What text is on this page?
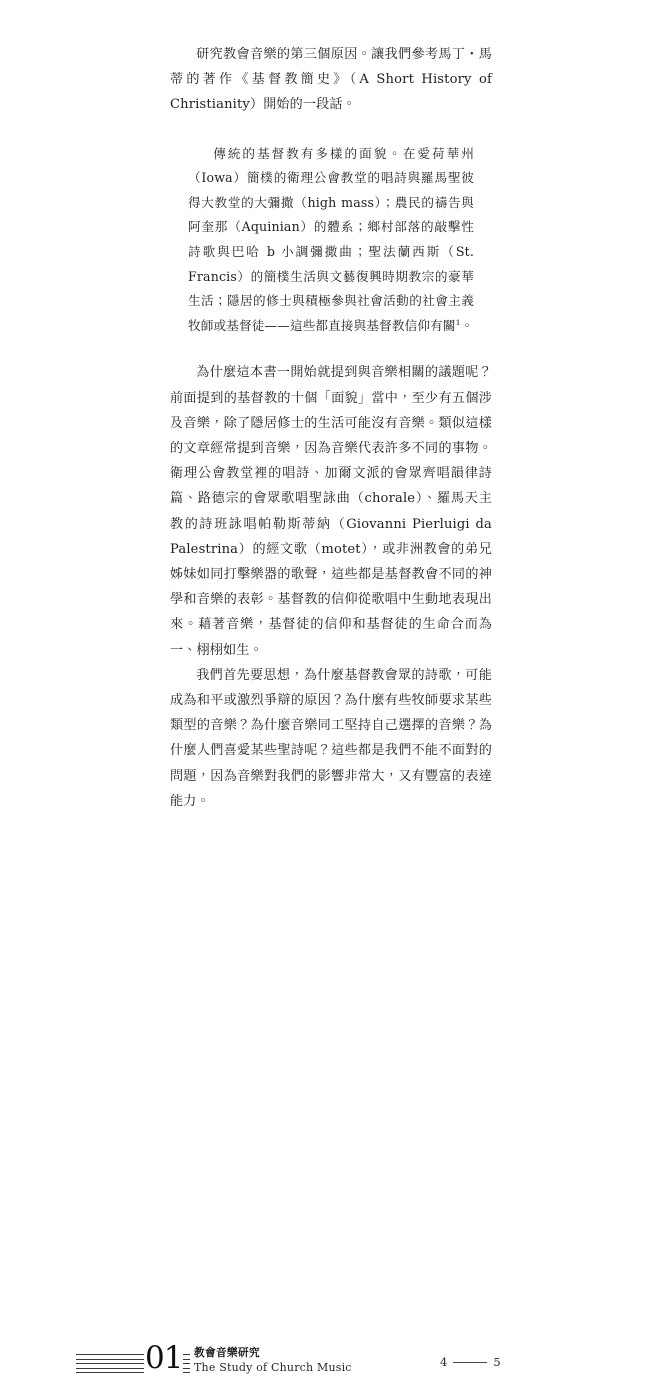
研究教會音樂的第三個原因。讓我們參考馬丁・馬蒂的著作《基督教簡史》（A Short History of Christianity）開始的一段話。

傳統的基督教有多樣的面貌。在愛荷華州（Iowa）簡樸的衛理公會教堂的唱詩與羅馬聖彼得大教堂的大彌撒（high mass）；農民的禱告與阿奎那（Aquinian）的體系；鄉村部落的敲擊性詩歌與巴哈 b 小調彌撒曲；聖法蘭西斯（St. Francis）的簡樸生活與文藝復興時期教宗的豪華生活；隱居的修士與積極參與社會活動的社會主義牧師或基督徒——這些都直接與基督教信仰有關$^1$。

為什麼這本書一開始就提到與音樂相關的議題呢？前面提到的基督教的十個「面貌」當中，至少有五個涉及音樂，除了隱居修士的生活可能沒有音樂。類似這樣的文章經常提到音樂，因為音樂代表許多不同的事物。衛理公會教堂裡的唱詩、加爾文派的會眾齊唱韻律詩篇、路德宗的會眾歌唱聖詠曲（chorale）、羅馬天主教的詩班詠唱帕勒斯蒂納（Giovanni Pierluigi da Palestrina）的經文歌（motet），或非洲教會的弟兄姊妹如同打擊樂器的歌聲，這些都是基督教會不同的神學和音樂的表彰。基督教的信仰從歌唱中生動地表現出來。藉著音樂，基督徒的信仰和基督徒的生命合而為一、栩栩如生。

我們首先要思想，為什麼基督教會眾的詩歌，可能成為和平或激烈爭辯的原因？為什麼有些牧師要求某些類型的音樂？為什麼音樂同工堅持自己選擇的音樂？為什麼人們喜愛某些聖詩呢？這些都是我們不能不面對的問題，因為音樂對我們的影響非常大，又有豐富的表達能力。

01 教會音樂研究
The Study of Church Music	4	5
